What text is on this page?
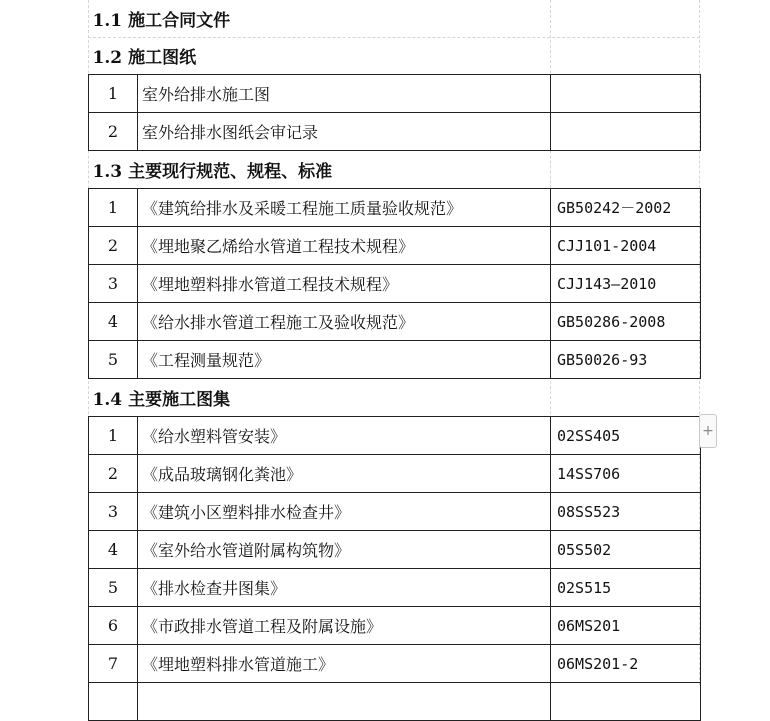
1.1 施工合同文件		
1.2 施工图纸		
1	室外给排水施工图	
2	室外给排水图纸会审记录	
1.3 主要现行规范、规程、标准		
1	《建筑给排水及采暖工程施工质量验收规范》	GB50242－2002
2	《埋地聚乙烯给水管道工程技术规程》	CJJ101-2004
3	《埋地塑料排水管道工程技术规程》	CJJ143—2010
4	《给水排水管道工程施工及验收规范》	GB50286-2008
5	《工程测量规范》	GB50026-93
1.4 主要施工图集		
1	《给水塑料管安装》	02SS405
2	《成品玻璃钢化粪池》	14SS706
3	《建筑小区塑料排水检查井》	08SS523
4	《室外给水管道附属构筑物》	05S502
5	《排水检查井图集》	02S515
6	《市政排水管道工程及附属设施》	06MS201
7	《埋地塑料排水管道施工》	06MS201-2

+
